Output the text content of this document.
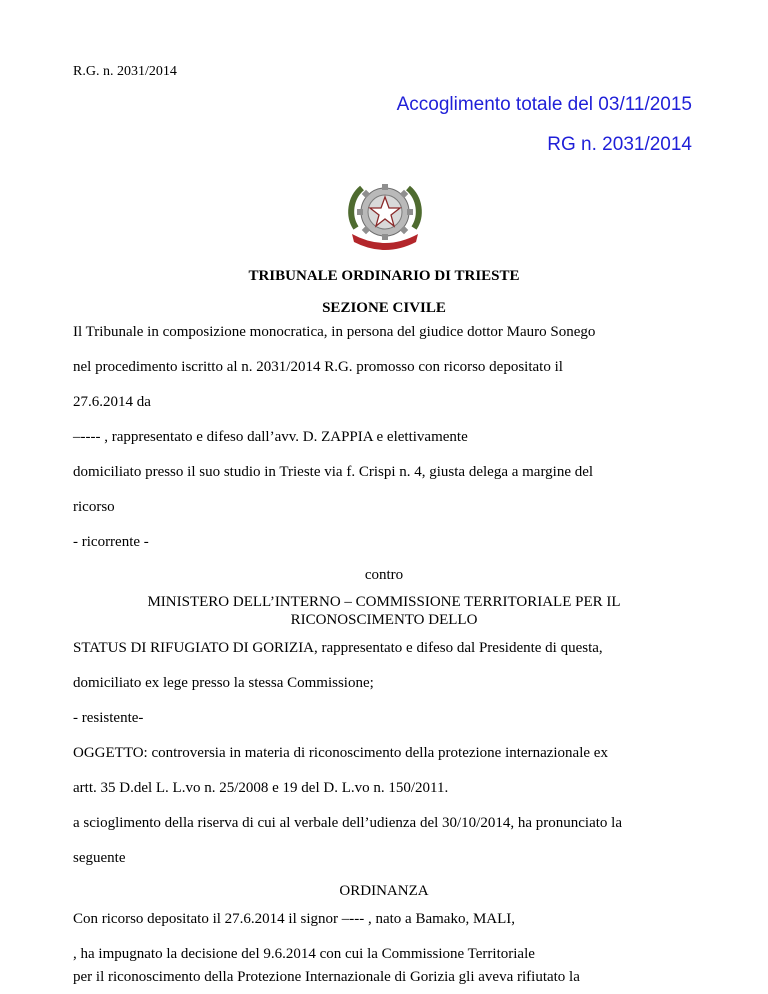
R.G. n. 2031/2014
Accoglimento totale del 03/11/2015
RG n. 2031/2014
TRIBUNALE ORDINARIO DI TRIESTE
SEZIONE CIVILE
Il Tribunale in composizione monocratica, in persona del giudice dottor Mauro Sonego
nel procedimento iscritto al n. 2031/2014 R.G. promosso con ricorso depositato il
27.6.2014 da
–---- , rappresentato e difeso dall’avv. D. ZAPPIA e elettivamente
domiciliato presso il suo studio in Trieste via f. Crispi n. 4, giusta delega a margine del
ricorso
- ricorrente -
contro
MINISTERO DELL’INTERNO – COMMISSIONE TERRITORIALE PER IL
RICONOSCIMENTO DELLO
STATUS DI RIFUGIATO DI GORIZIA, rappresentato e difeso dal Presidente di questa,
domiciliato ex lege presso la stessa Commissione;
- resistente-
OGGETTO: controversia in materia di riconoscimento della protezione internazionale ex
artt. 35 D.del L. L.vo n. 25/2008 e 19 del D. L.vo n. 150/2011.
a scioglimento della riserva di cui al verbale dell’udienza del 30/10/2014, ha pronunciato la
seguente
ORDINANZA
Con ricorso depositato il 27.6.2014 il signor –--- , nato a Bamako, MALI,
, ha impugnato la decisione del 9.6.2014 con cui la Commissione Territoriale
per il riconoscimento della Protezione Internazionale di Gorizia gli aveva rifiutato la
